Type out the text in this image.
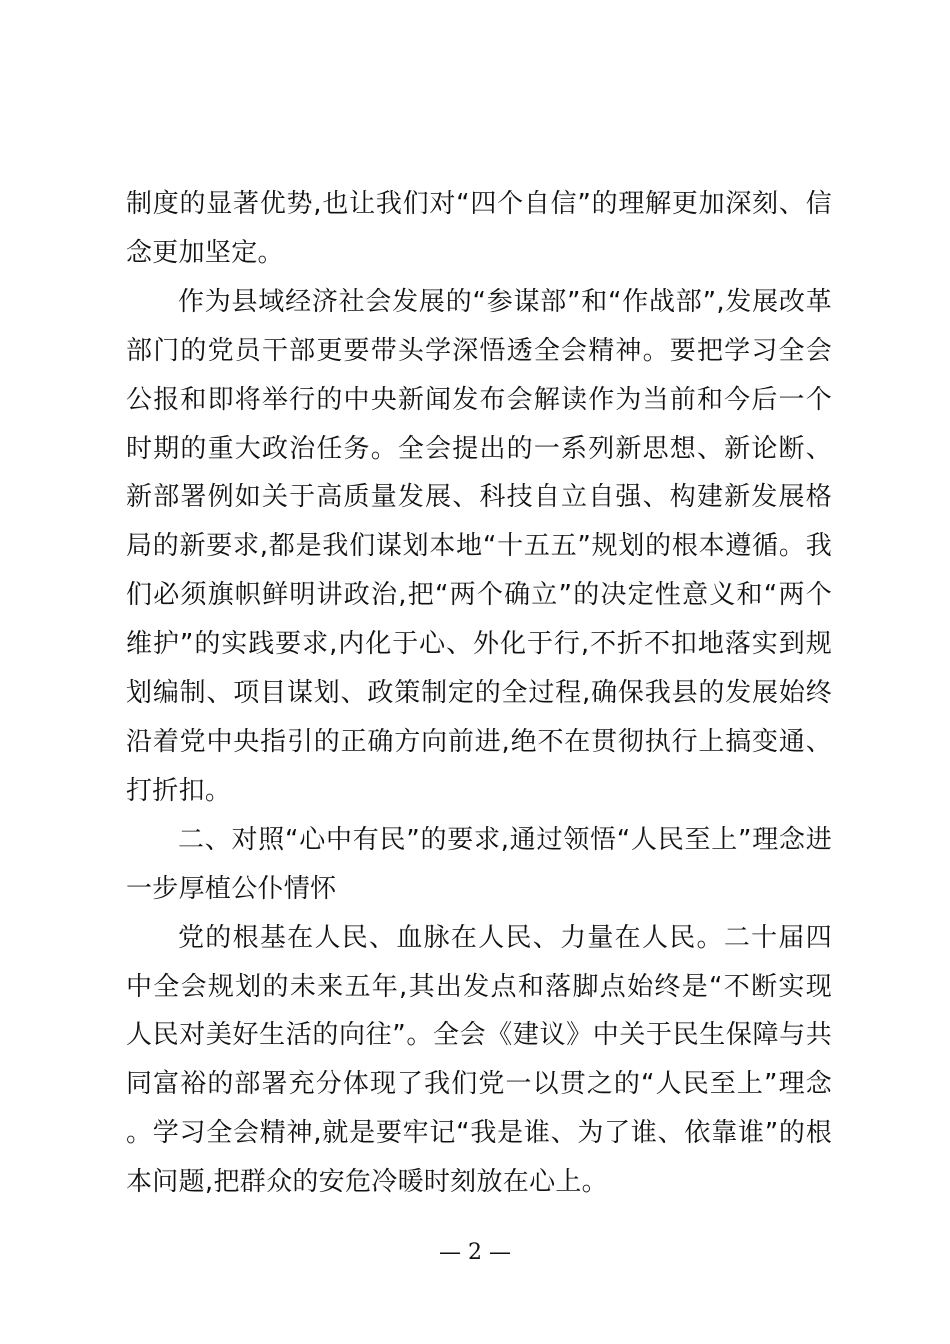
制度的显著优势,也让我们对“四个自信”的理解更加深刻、信念更加坚定。

作为县域经济社会发展的“参谋部”和“作战部”,发展改革部门的党员干部更要带头学深悟透全会精神。要把学习全会公报和即将举行的中央新闻发布会解读作为当前和今后一个时期的重大政治任务。全会提出的一系列新思想、新论断、新部署例如关于高质量发展、科技自立自强、构建新发展格局的新要求,都是我们谋划本地“十五五”规划的根本遵循。我们必须旗帜鲜明讲政治,把“两个确立”的决定性意义和“两个维护”的实践要求,内化于心、外化于行,不折不扣地落实到规划编制、项目谋划、政策制定的全过程,确保我县的发展始终沿着党中央指引的正确方向前进,绝不在贯彻执行上搞变通、打折扣。

二、对照“心中有民”的要求,通过领悟“人民至上”理念进一步厚植公仆情怀

党的根基在人民、血脉在人民、力量在人民。二十届四中全会规划的未来五年,其出发点和落脚点始终是“不断实现人民对美好生活的向往”。全会《建议》中关于民生保障与共同富裕的部署充分体现了我们党一以贯之的“人民至上”理念。学习全会精神,就是要牢记“我是谁、为了谁、依靠谁”的根本问题,把群众的安危冷暖时刻放在心上。

— 2 —
